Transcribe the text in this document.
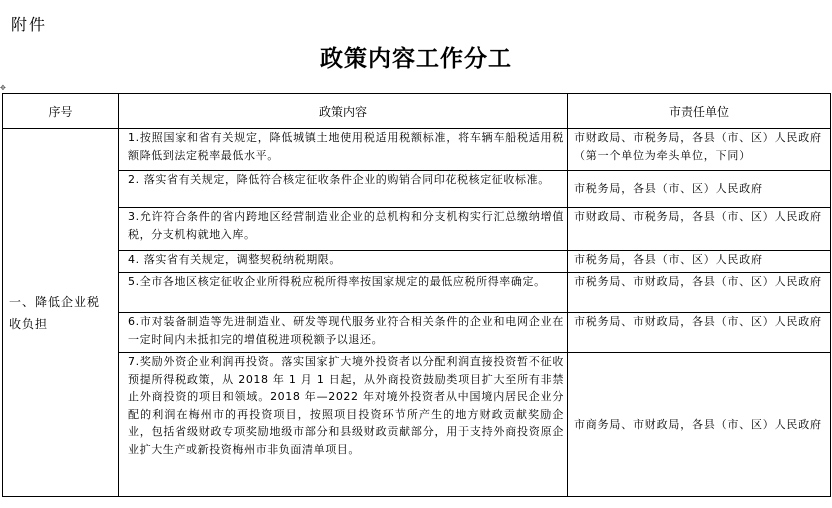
附件
政策内容工作分工
✥
序号	政策内容	市责任单位
一、降低企业税收负担	1.按照国家和省有关规定，降低城镇土地使用税适用税额标准，将车辆车船税适用税额降低到法定税率最低水平。	市财政局、市税务局，各县（市、区）人民政府（第一个单位为牵头单位，下同）
	2. 落实省有关规定，降低符合核定征收条件企业的购销合同印花税核定征收标准。	市税务局，各县（市、区）人民政府
	3.允许符合条件的省内跨地区经营制造业企业的总机构和分支机构实行汇总缴纳增值税，分支机构就地入库。	市财政局、市税务局，各县（市、区）人民政府
	4. 落实省有关规定，调整契税纳税期限。	市税务局，各县（市、区）人民政府
	5.全市各地区核定征收企业所得税应税所得率按国家规定的最低应税所得率确定。	市税务局、市财政局，各县（市、区）人民政府
	6.市对装备制造等先进制造业、研发等现代服务业符合相关条件的企业和电网企业在一定时间内未抵扣完的增值税进项税额予以退还。	市税务局、市财政局，各县（市、区）人民政府
	7.奖励外资企业利润再投资。落实国家扩大境外投资者以分配利润直接投资暂不征收预提所得税政策，从 2018 年 1 月 1 日起，从外商投资鼓励类项目扩大至所有非禁止外商投资的项目和领域。2018 年—2022 年对境外投资者从中国境内居民企业分配的利润在梅州市的再投资项目，按照项目投资环节所产生的地方财政贡献奖励企业，包括省级财政专项奖励地级市部分和县级财政贡献部分，用于支持外商投资原企业扩大生产或新投资梅州市非负面清单项目。	市商务局、市财政局，各县（市、区）人民政府
